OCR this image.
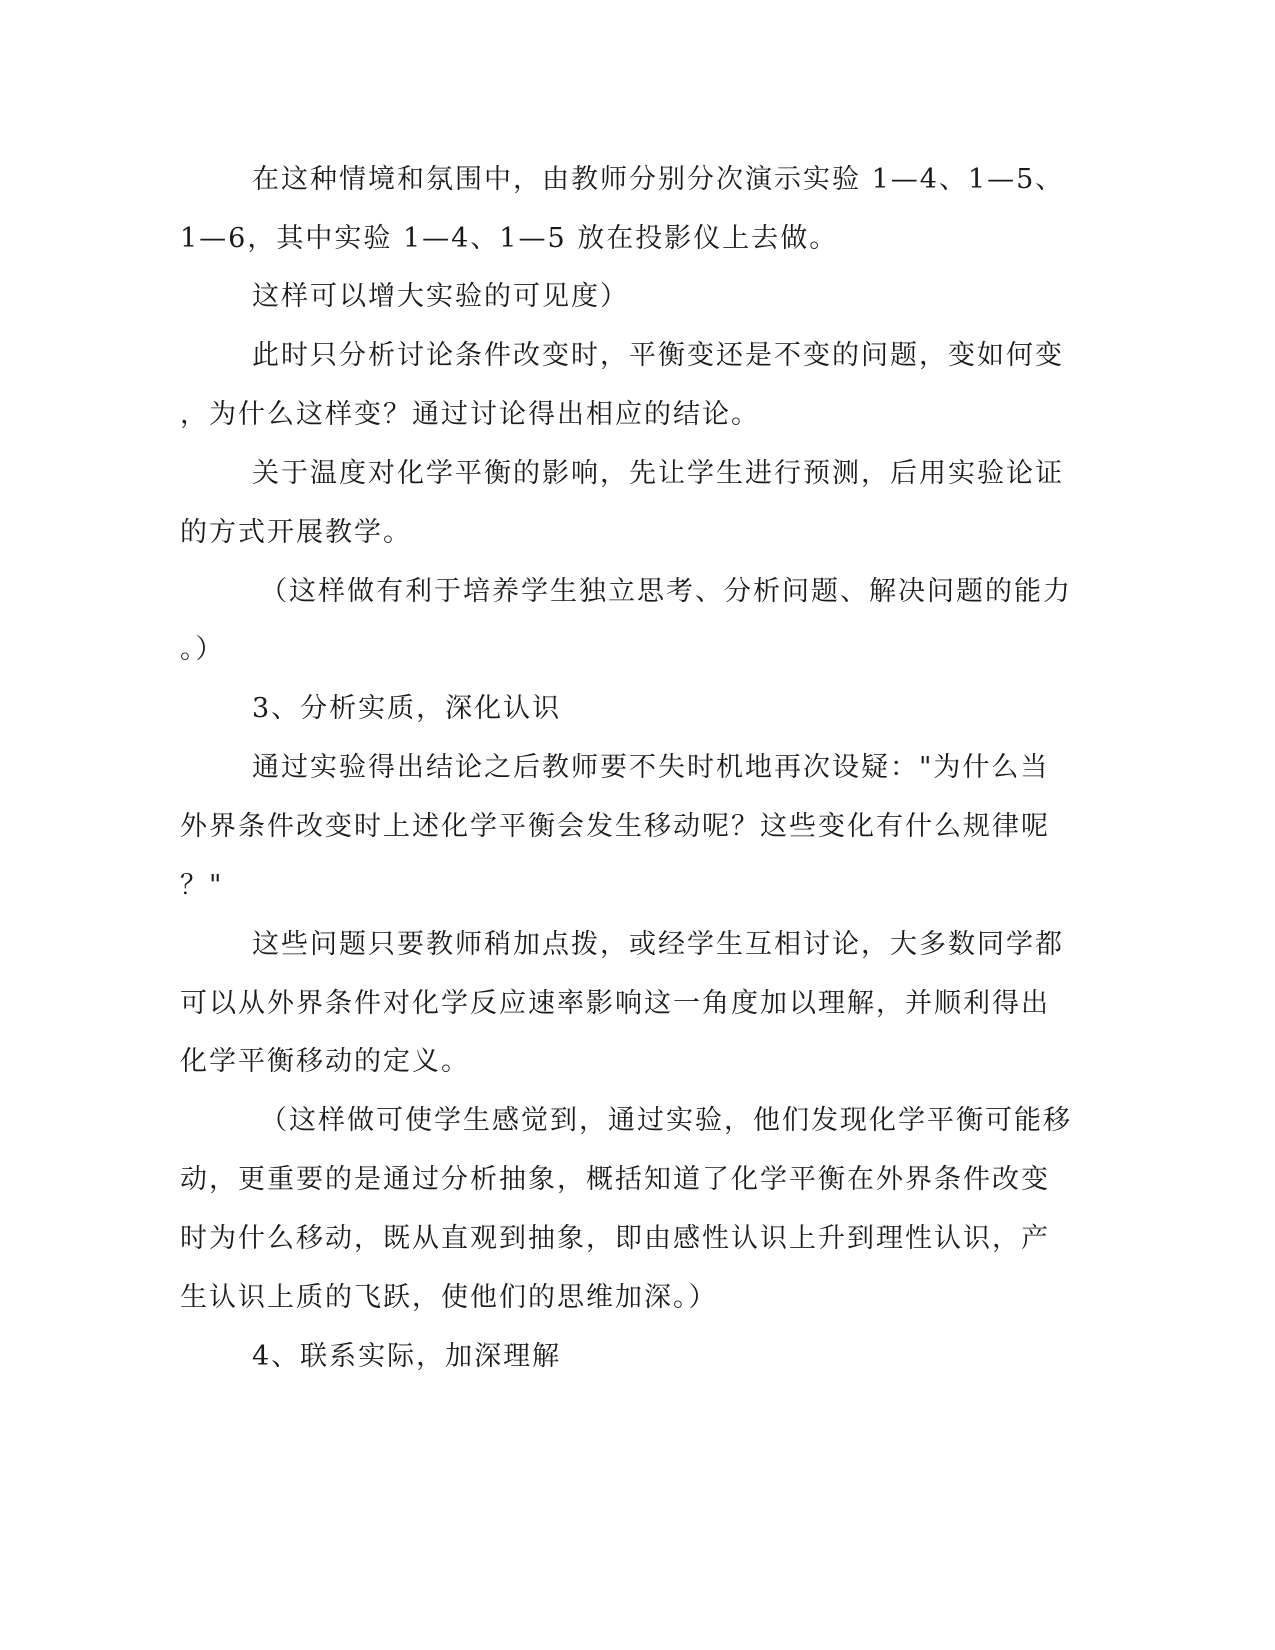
在这种情境和氛围中，由教师分别分次演示实验 1—4、1—5、
1—6，其中实验 1—4、1—5 放在投影仪上去做。
这样可以增大实验的可见度）
此时只分析讨论条件改变时，平衡变还是不变的问题，变如何变
，为什么这样变？通过讨论得出相应的结论。
关于温度对化学平衡的影响，先让学生进行预测，后用实验论证
的方式开展教学。
（这样做有利于培养学生独立思考、分析问题、解决问题的能力
。）
3、分析实质，深化认识
通过实验得出结论之后教师要不失时机地再次设疑："为什么当
外界条件改变时上述化学平衡会发生移动呢？这些变化有什么规律呢
？"
这些问题只要教师稍加点拨，或经学生互相讨论，大多数同学都
可以从外界条件对化学反应速率影响这一角度加以理解，并顺利得出
化学平衡移动的定义。
（这样做可使学生感觉到，通过实验，他们发现化学平衡可能移
动，更重要的是通过分析抽象，概括知道了化学平衡在外界条件改变
时为什么移动，既从直观到抽象，即由感性认识上升到理性认识，产
生认识上质的飞跃，使他们的思维加深。）
4、联系实际，加深理解
